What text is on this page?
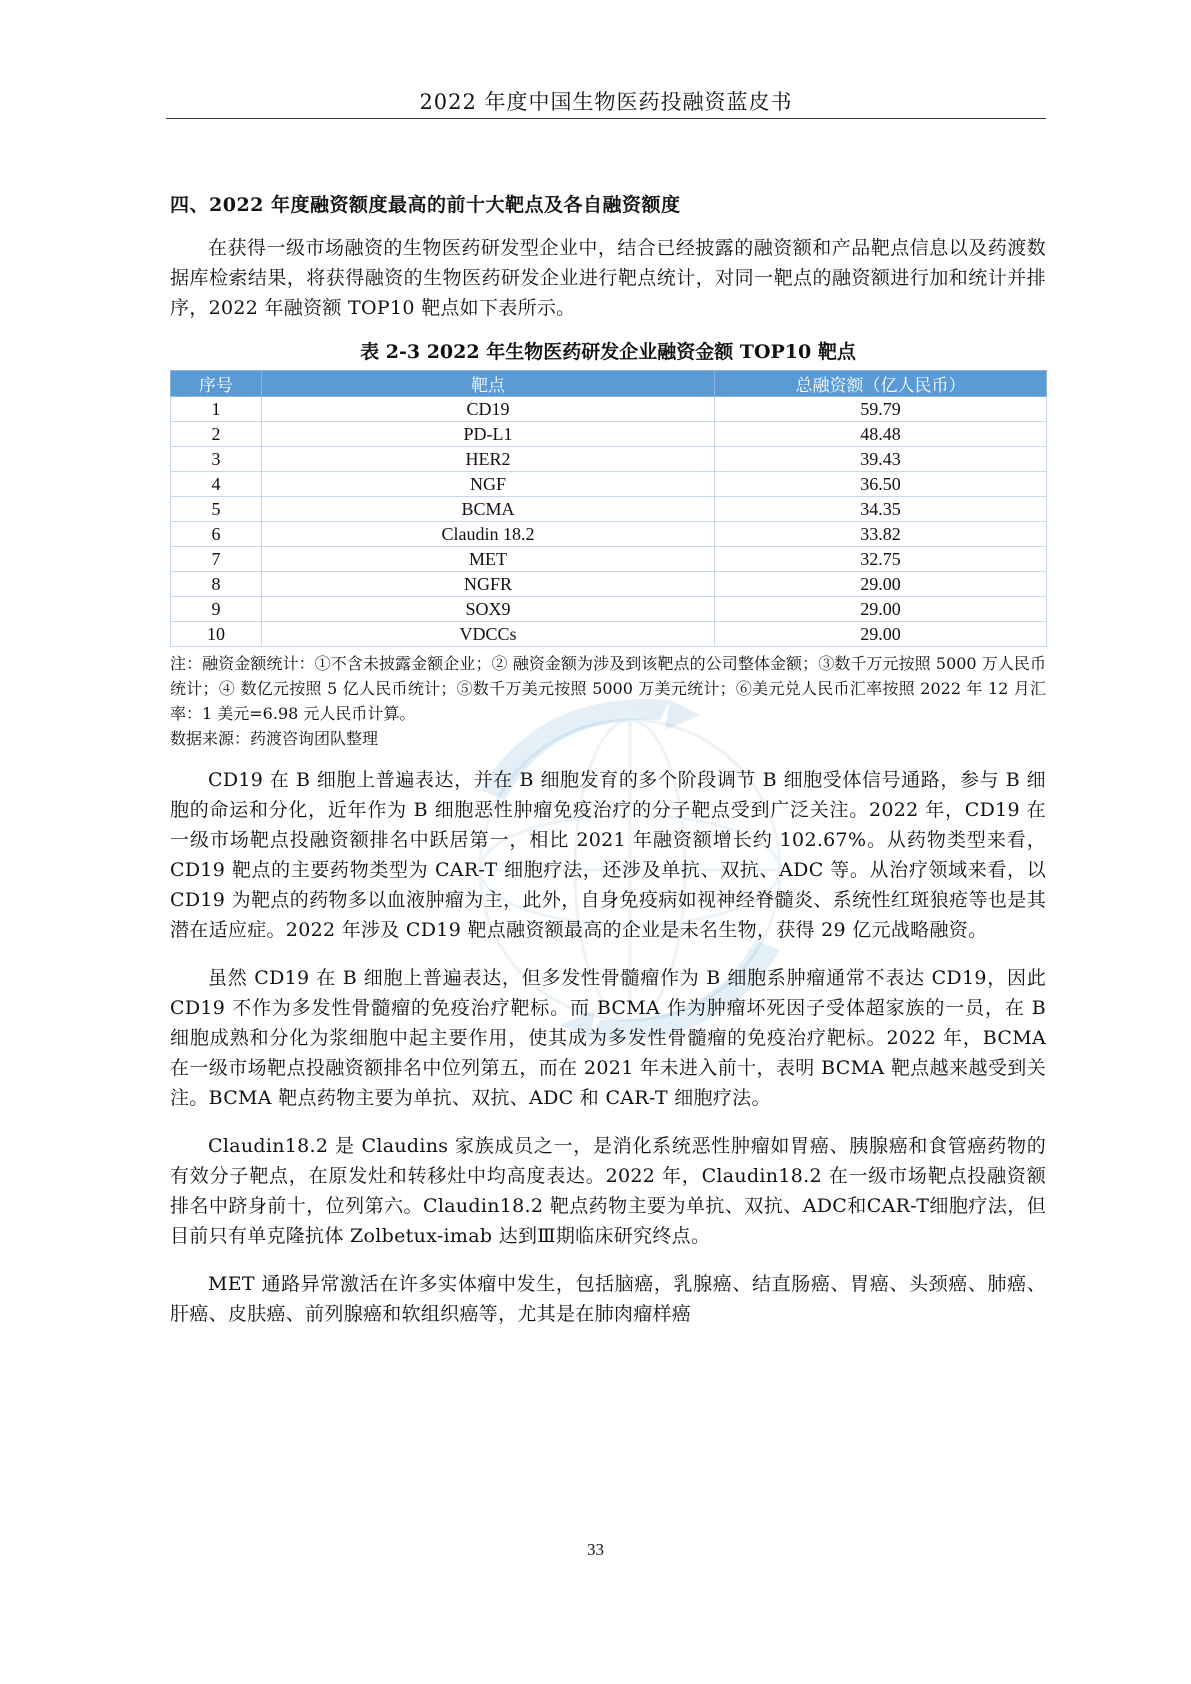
2022 年度中国生物医药投融资蓝皮书
四、2022 年度融资额度最高的前十大靶点及各自融资额度

在获得一级市场融资的生物医药研发型企业中，结合已经披露的融资额和产品靶点信息以及药渡数据库检索结果，将获得融资的生物医药研发企业进行靶点统计，对同一靶点的融资额进行加和统计并排序，2022 年融资额 TOP10 靶点如下表所示。

表 2-3 2022 年生物医药研发企业融资金额 TOP10 靶点
序号	靶点	总融资额（亿人民币）
1	CD19	59.79
2	PD-L1	48.48
3	HER2	39.43
4	NGF	36.50
5	BCMA	34.35
6	Claudin 18.2	33.82
7	MET	32.75
8	NGFR	29.00
9	SOX9	29.00
10	VDCCs	29.00
注：融资金额统计：①不含未披露金额企业；② 融资金额为涉及到该靶点的公司整体金额；③数千万元按照 5000 万人民币统计；④ 数亿元按照 5 亿人民币统计；⑤数千万美元按照 5000 万美元统计；⑥美元兑人民币汇率按照 2022 年 12 月汇率：1 美元=6.98 元人民币计算。
数据来源：药渡咨询团队整理

CD19 在 B 细胞上普遍表达，并在 B 细胞发育的多个阶段调节 B 细胞受体信号通路，参与 B 细胞的命运和分化，近年作为 B 细胞恶性肿瘤免疫治疗的分子靶点受到广泛关注。2022 年，CD19 在一级市场靶点投融资额排名中跃居第一，相比 2021 年融资额增长约 102.67%。从药物类型来看，CD19 靶点的主要药物类型为 CAR-T 细胞疗法，还涉及单抗、双抗、ADC 等。从治疗领域来看，以 CD19 为靶点的药物多以血液肿瘤为主，此外，自身免疫病如视神经脊髓炎、系统性红斑狼疮等也是其潜在适应症。2022 年涉及 CD19 靶点融资额最高的企业是未名生物，获得 29 亿元战略融资。

虽然 CD19 在 B 细胞上普遍表达，但多发性骨髓瘤作为 B 细胞系肿瘤通常不表达 CD19，因此 CD19 不作为多发性骨髓瘤的免疫治疗靶标。而 BCMA 作为肿瘤坏死因子受体超家族的一员，在 B 细胞成熟和分化为浆细胞中起主要作用，使其成为多发性骨髓瘤的免疫治疗靶标。2022 年，BCMA 在一级市场靶点投融资额排名中位列第五，而在 2021 年未进入前十，表明 BCMA 靶点越来越受到关注。BCMA 靶点药物主要为单抗、双抗、ADC 和 CAR-T 细胞疗法。

Claudin18.2 是 Claudins 家族成员之一，是消化系统恶性肿瘤如胃癌、胰腺癌和食管癌药物的有效分子靶点，在原发灶和转移灶中均高度表达。2022 年，Claudin18.2 在一级市场靶点投融资额排名中跻身前十，位列第六。Claudin18.2 靶点药物主要为单抗、双抗、ADC和CAR-T细胞疗法，但目前只有单克隆抗体 Zolbetux-imab 达到Ⅲ期临床研究终点。

MET 通路异常激活在许多实体瘤中发生，包括脑癌，乳腺癌、结直肠癌、胃癌、头颈癌、肺癌、肝癌、皮肤癌、前列腺癌和软组织癌等，尤其是在肺肉瘤样癌

33
